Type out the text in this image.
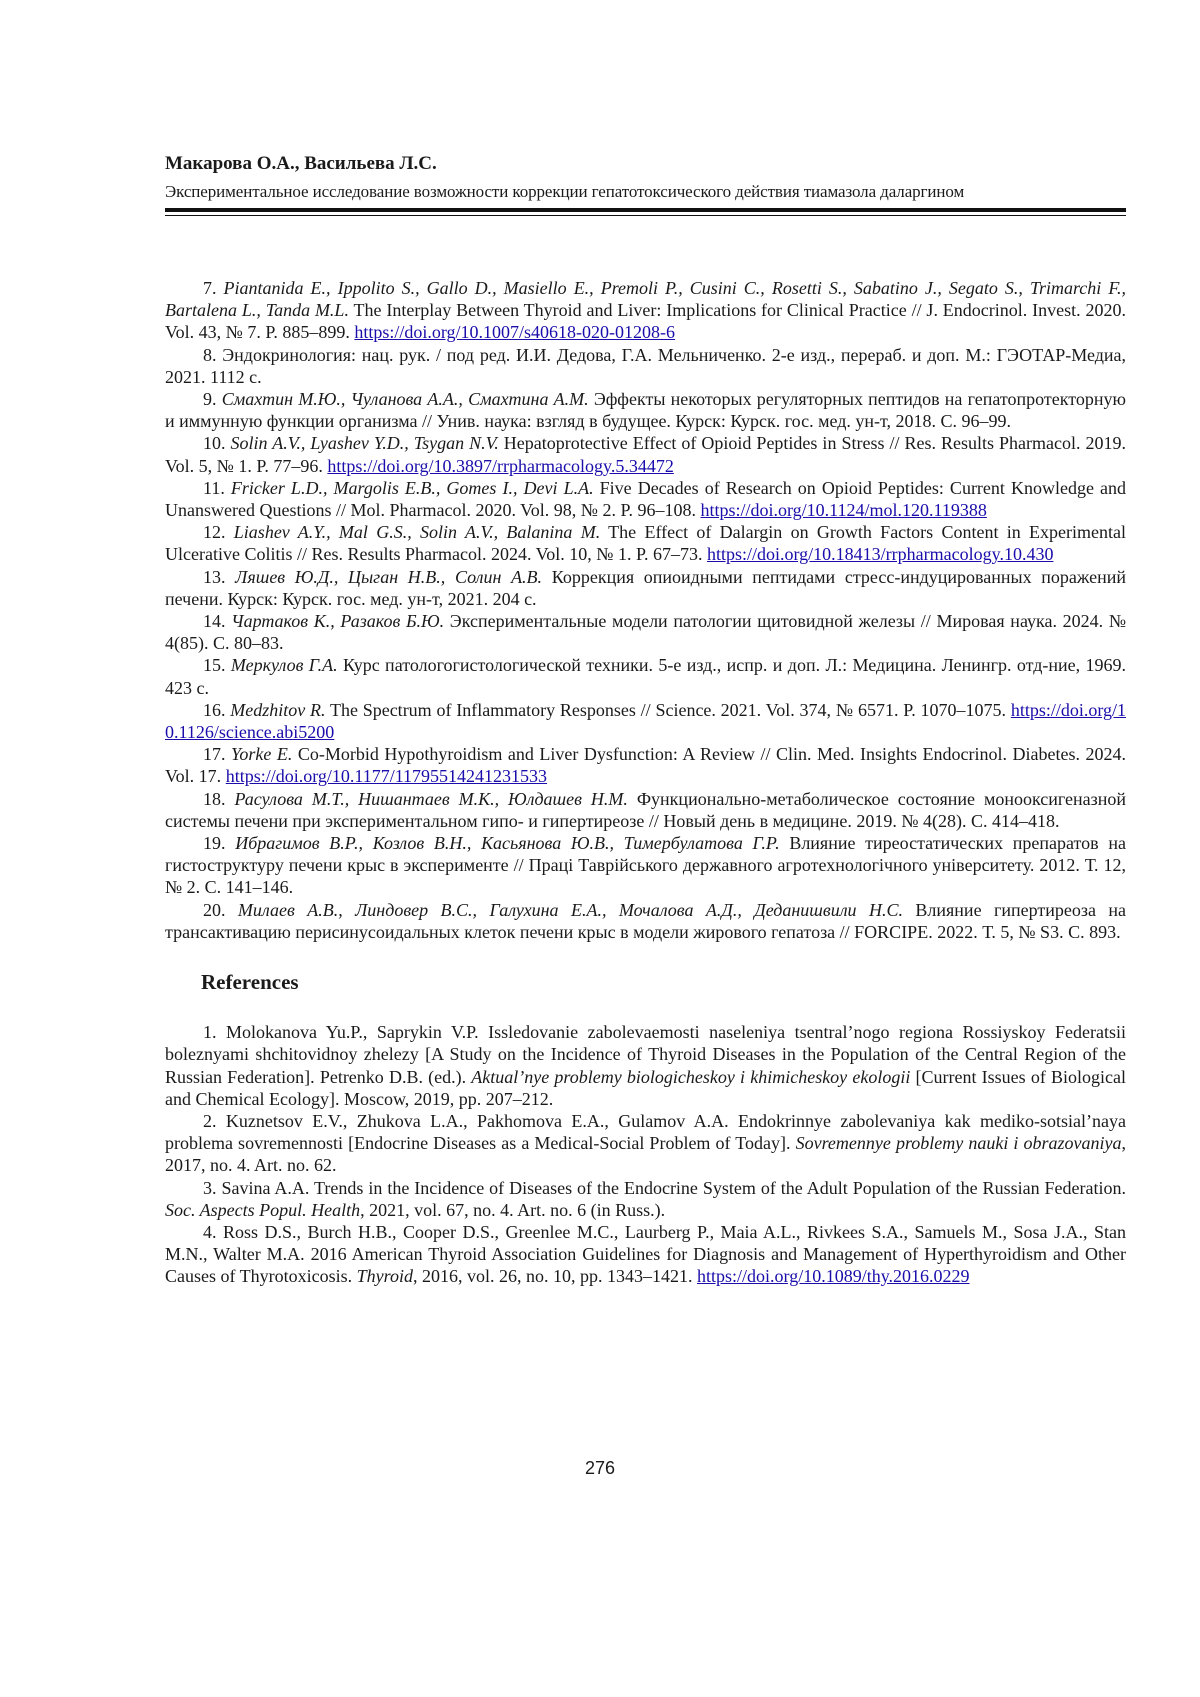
Макарова О.А., Васильева Л.С.
Экспериментальное исследование возможности коррекции гепатотоксического действия тиамазола даларгином

7. Piantanida E., Ippolito S., Gallo D., Masiello E., Premoli P., Cusini C., Rosetti S., Sabatino J., Segato S., Trimarchi F., Bartalena L., Tanda M.L. The Interplay Between Thyroid and Liver: Implications for Clinical Practice // J. Endocrinol. Invest. 2020. Vol. 43, № 7. P. 885–899. https://doi.org/10.1007/s40618-020-01208-6

8. Эндокринология: нац. рук. / под ред. И.И. Дедова, Г.А. Мельниченко. 2-е изд., перераб. и доп. М.: ГЭОТАР-Медиа, 2021. 1112 с.

9. Смахтин М.Ю., Чуланова А.А., Смахтина А.М. Эффекты некоторых регуляторных пептидов на гепатопротекторную и иммунную функции организма // Унив. наука: взгляд в будущее. Курск: Курск. гос. мед. ун-т, 2018. С. 96–99.

10. Solin A.V., Lyashev Y.D., Tsygan N.V. Hepatoprotective Effect of Opioid Peptides in Stress // Res. Results Pharmacol. 2019. Vol. 5, № 1. P. 77–96. https://doi.org/10.3897/rrpharmacology.5.34472

11. Fricker L.D., Margolis E.B., Gomes I., Devi L.A. Five Decades of Research on Opioid Peptides: Current Knowledge and Unanswered Questions // Mol. Pharmacol. 2020. Vol. 98, № 2. P. 96–108. https://doi.org/10.1124/mol.120.119388

12. Liashev A.Y., Mal G.S., Solin A.V., Balanina M. The Effect of Dalargin on Growth Factors Content in Experimental Ulcerative Colitis // Res. Results Pharmacol. 2024. Vol. 10, № 1. P. 67–73. https://doi.org/10.18413/rrpharmacology.10.430

13. Ляшев Ю.Д., Цыган Н.В., Солин А.В. Коррекция опиоидными пептидами стресс-индуцированных поражений печени. Курск: Курск. гос. мед. ун-т, 2021. 204 с.

14. Чартаков К., Разаков Б.Ю. Экспериментальные модели патологии щитовидной железы // Мировая наука. 2024. № 4(85). С. 80–83.

15. Меркулов Г.А. Курс патологогистологической техники. 5-е изд., испр. и доп. Л.: Медицина. Ленингр. отд-ние, 1969. 423 с.

16. Medzhitov R. The Spectrum of Inflammatory Responses // Science. 2021. Vol. 374, № 6571. P. 1070–1075. https://doi.org/10.1126/science.abi5200

17. Yorke E. Co-Morbid Hypothyroidism and Liver Dysfunction: A Review // Clin. Med. Insights Endocrinol. Diabetes. 2024. Vol. 17. https://doi.org/10.1177/11795514241231533

18. Расулова М.Т., Нишантаев М.К., Юлдашев Н.М. Функционально-метаболическое состояние монооксигеназной системы печени при экспериментальном гипо- и гипертиреозе // Новый день в медицине. 2019. № 4(28). С. 414–418.

19. Ибрагимов В.Р., Козлов В.Н., Касьянова Ю.В., Тимербулатова Г.Р. Влияние тиреостатических препаратов на гистоструктуру печени крыс в эксперименте // Праці Таврійського державного агротехнологічного університету. 2012. Т. 12, № 2. С. 141–146.

20. Милаев А.В., Линдовер В.С., Галухина Е.А., Мочалова А.Д., Деданишвили Н.С. Влияние гипертиреоза на трансактивацию перисинусоидальных клеток печени крыс в модели жирового гепатоза // FORCIPE. 2022. Т. 5, № S3. С. 893.

References

1. Molokanova Yu.P., Saprykin V.P. Issledovanie zabolevaemosti naseleniya tsentral’nogo regiona Rossiyskoy Federatsii boleznyami shchitovidnoy zhelezy [A Study on the Incidence of Thyroid Diseases in the Population of the Central Region of the Russian Federation]. Petrenko D.B. (ed.). Aktual’nye problemy biologicheskoy i khimicheskoy ekologii [Current Issues of Biological and Chemical Ecology]. Moscow, 2019, pp. 207–212.

2. Kuznetsov E.V., Zhukova L.A., Pakhomova E.A., Gulamov A.A. Endokrinnye zabolevaniya kak mediko-sotsial’naya problema sovremennosti [Endocrine Diseases as a Medical-Social Problem of Today]. Sovremennye problemy nauki i obrazovaniya, 2017, no. 4. Art. no. 62.

3. Savina A.A. Trends in the Incidence of Diseases of the Endocrine System of the Adult Population of the Russian Federation. Soc. Aspects Popul. Health, 2021, vol. 67, no. 4. Art. no. 6 (in Russ.).

4. Ross D.S., Burch H.B., Cooper D.S., Greenlee M.C., Laurberg P., Maia A.L., Rivkees S.A., Samuels M., Sosa J.A., Stan M.N., Walter M.A. 2016 American Thyroid Association Guidelines for Diagnosis and Management of Hyperthyroidism and Other Causes of Thyrotoxicosis. Thyroid, 2016, vol. 26, no. 10, pp. 1343–1421. https://doi.org/10.1089/thy.2016.0229

276
